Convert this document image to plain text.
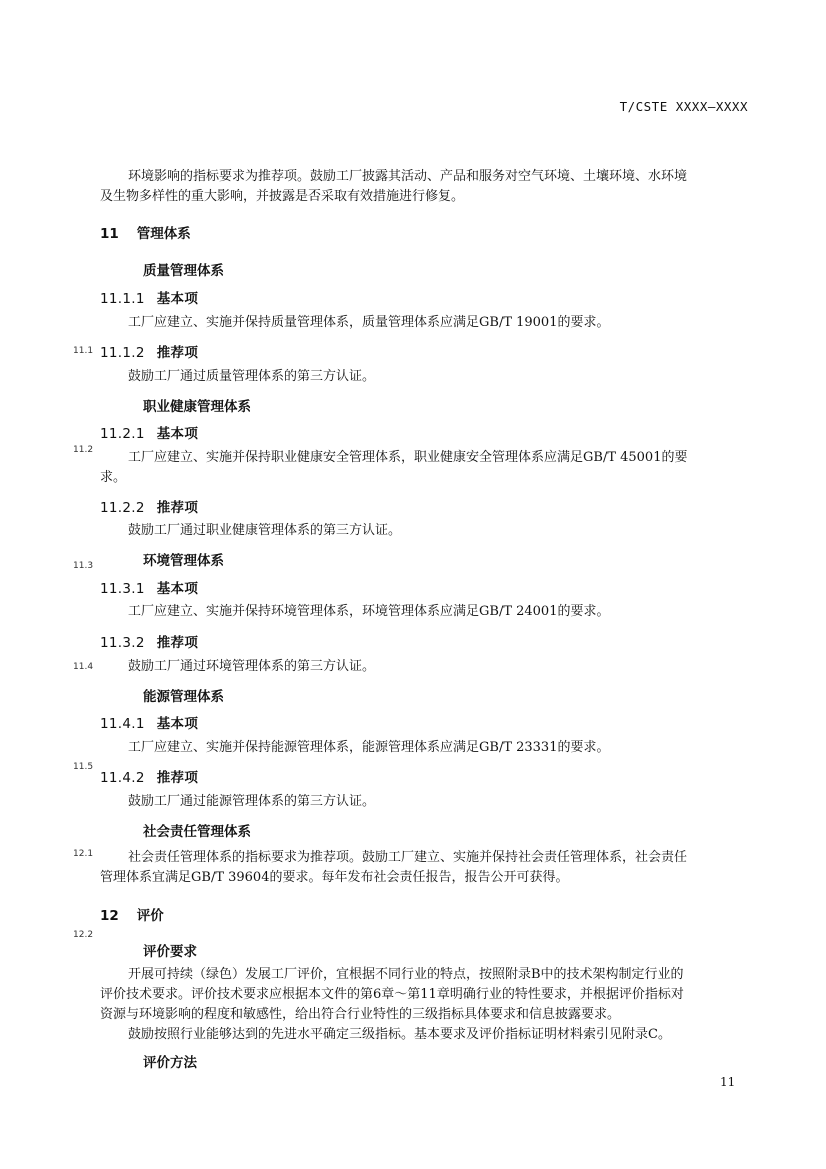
T/CSTE XXXX—XXXX
环境影响的指标要求为推荐项。鼓励工厂披露其活动、产品和服务对空气环境、土壤环境、水环境
及生物多样性的重大影响，并披露是否采取有效措施进行修复。
11 管理体系
质量管理体系
11.1.1 基本项
工厂应建立、实施并保持质量管理体系，质量管理体系应满足GB/T 19001的要求。
11.1.2 推荐项
鼓励工厂通过质量管理体系的第三方认证。
职业健康管理体系
11.2.1 基本项
工厂应建立、实施并保持职业健康安全管理体系，职业健康安全管理体系应满足GB/T 45001的要
求。
11.2.2 推荐项
鼓励工厂通过职业健康管理体系的第三方认证。
环境管理体系
11.3.1 基本项
工厂应建立、实施并保持环境管理体系，环境管理体系应满足GB/T 24001的要求。
11.3.2 推荐项
鼓励工厂通过环境管理体系的第三方认证。
能源管理体系
11.4.1 基本项
工厂应建立、实施并保持能源管理体系，能源管理体系应满足GB/T 23331的要求。
11.4.2 推荐项
鼓励工厂通过能源管理体系的第三方认证。
社会责任管理体系
社会责任管理体系的指标要求为推荐项。鼓励工厂建立、实施并保持社会责任管理体系，社会责任
管理体系宜满足GB/T 39604的要求。每年发布社会责任报告，报告公开可获得。
12 评价
评价要求
开展可持续（绿色）发展工厂评价，宜根据不同行业的特点，按照附录B中的技术架构制定行业的
评价技术要求。评价技术要求应根据本文件的第6章～第11章明确行业的特性要求，并根据评价指标对
资源与环境影响的程度和敏感性，给出符合行业特性的三级指标具体要求和信息披露要求。
鼓励按照行业能够达到的先进水平确定三级指标。基本要求及评价指标证明材料索引见附录C。
评价方法
11.1
11.2
11.3
11.4
11.5
12.1
12.2
11
